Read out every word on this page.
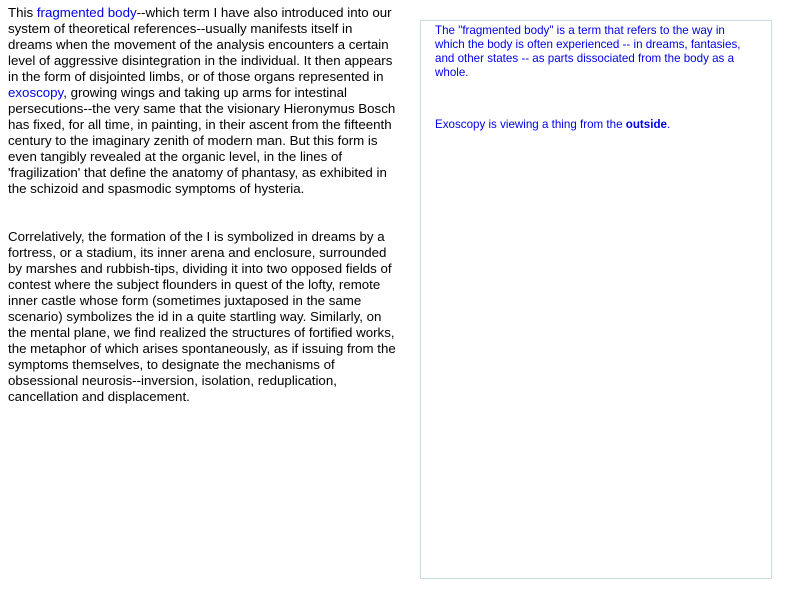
This fragmented body--which term I have also introduced into our system of theoretical references--usually manifests itself in dreams when the movement of the analysis encounters a certain level of aggressive disintegration in the individual. It then appears in the form of disjointed limbs, or of those organs represented in exoscopy, growing wings and taking up arms for intestinal persecutions--the very same that the visionary Hieronymus Bosch has fixed, for all time, in painting, in their ascent from the fifteenth century to the imaginary zenith of modern man. But this form is even tangibly revealed at the organic level, in the lines of 'fragilization' that define the anatomy of phantasy, as exhibited in the schizoid and spasmodic symptoms of hysteria.

Correlatively, the formation of the I is symbolized in dreams by a fortress, or a stadium, its inner arena and enclosure, surrounded by marshes and rubbish-tips, dividing it into two opposed fields of contest where the subject flounders in quest of the lofty, remote inner castle whose form (sometimes juxtaposed in the same scenario) symbolizes the id in a quite startling way. Similarly, on the mental plane, we find realized the structures of fortified works, the metaphor of which arises spontaneously, as if issuing from the symptoms themselves, to designate the mechanisms of obsessional neurosis--inversion, isolation, reduplication, cancellation and displacement.

The "fragmented body" is a term that refers to the way in which the body is often experienced -- in dreams, fantasies, and other states -- as parts dissociated from the body as a whole.

Exoscopy is viewing a thing from the outside.
